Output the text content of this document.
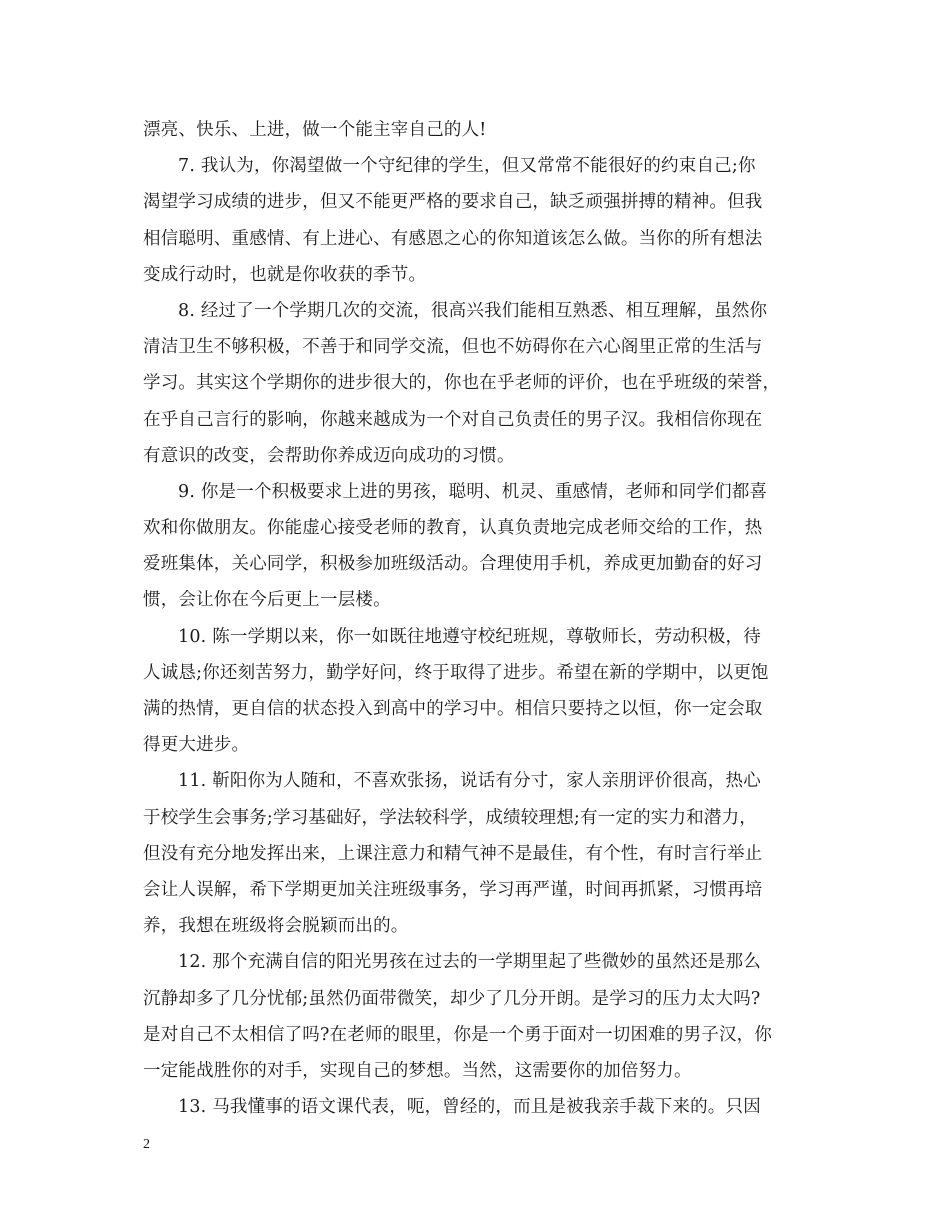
漂亮、快乐、上进，做一个能主宰自己的人!
7. 我认为，你渴望做一个守纪律的学生，但又常常不能很好的约束自己;你
渴望学习成绩的进步，但又不能更严格的要求自己，缺乏顽强拼搏的精神。但我
相信聪明、重感情、有上进心、有感恩之心的你知道该怎么做。当你的所有想法
变成行动时，也就是你收获的季节。
8. 经过了一个学期几次的交流，很高兴我们能相互熟悉、相互理解，虽然你
清洁卫生不够积极，不善于和同学交流，但也不妨碍你在六心阁里正常的生活与
学习。其实这个学期你的进步很大的，你也在乎老师的评价，也在乎班级的荣誉，
在乎自己言行的影响，你越来越成为一个对自己负责任的男子汉。我相信你现在
有意识的改变，会帮助你养成迈向成功的习惯。
9. 你是一个积极要求上进的男孩，聪明、机灵、重感情，老师和同学们都喜
欢和你做朋友。你能虚心接受老师的教育，认真负责地完成老师交给的工作，热
爱班集体，关心同学，积极参加班级活动。合理使用手机，养成更加勤奋的好习
惯，会让你在今后更上一层楼。
10. 陈一学期以来，你一如既往地遵守校纪班规，尊敬师长，劳动积极，待
人诚恳;你还刻苦努力，勤学好问，终于取得了进步。希望在新的学期中，以更饱
满的热情，更自信的状态投入到高中的学习中。相信只要持之以恒，你一定会取
得更大进步。
11. 靳阳你为人随和，不喜欢张扬，说话有分寸，家人亲朋评价很高，热心
于校学生会事务;学习基础好，学法较科学，成绩较理想;有一定的实力和潜力，
但没有充分地发挥出来，上课注意力和精气神不是最佳，有个性，有时言行举止
会让人误解，希下学期更加关注班级事务，学习再严谨，时间再抓紧，习惯再培
养，我想在班级将会脱颖而出的。
12. 那个充满自信的阳光男孩在过去的一学期里起了些微妙的虽然还是那么
沉静却多了几分忧郁;虽然仍面带微笑，却少了几分开朗。是学习的压力太大吗?
是对自己不太相信了吗?在老师的眼里，你是一个勇于面对一切困难的男子汉，你
一定能战胜你的对手，实现自己的梦想。当然，这需要你的加倍努力。
13. 马我懂事的语文课代表，呃，曾经的，而且是被我亲手裁下来的。只因
2
